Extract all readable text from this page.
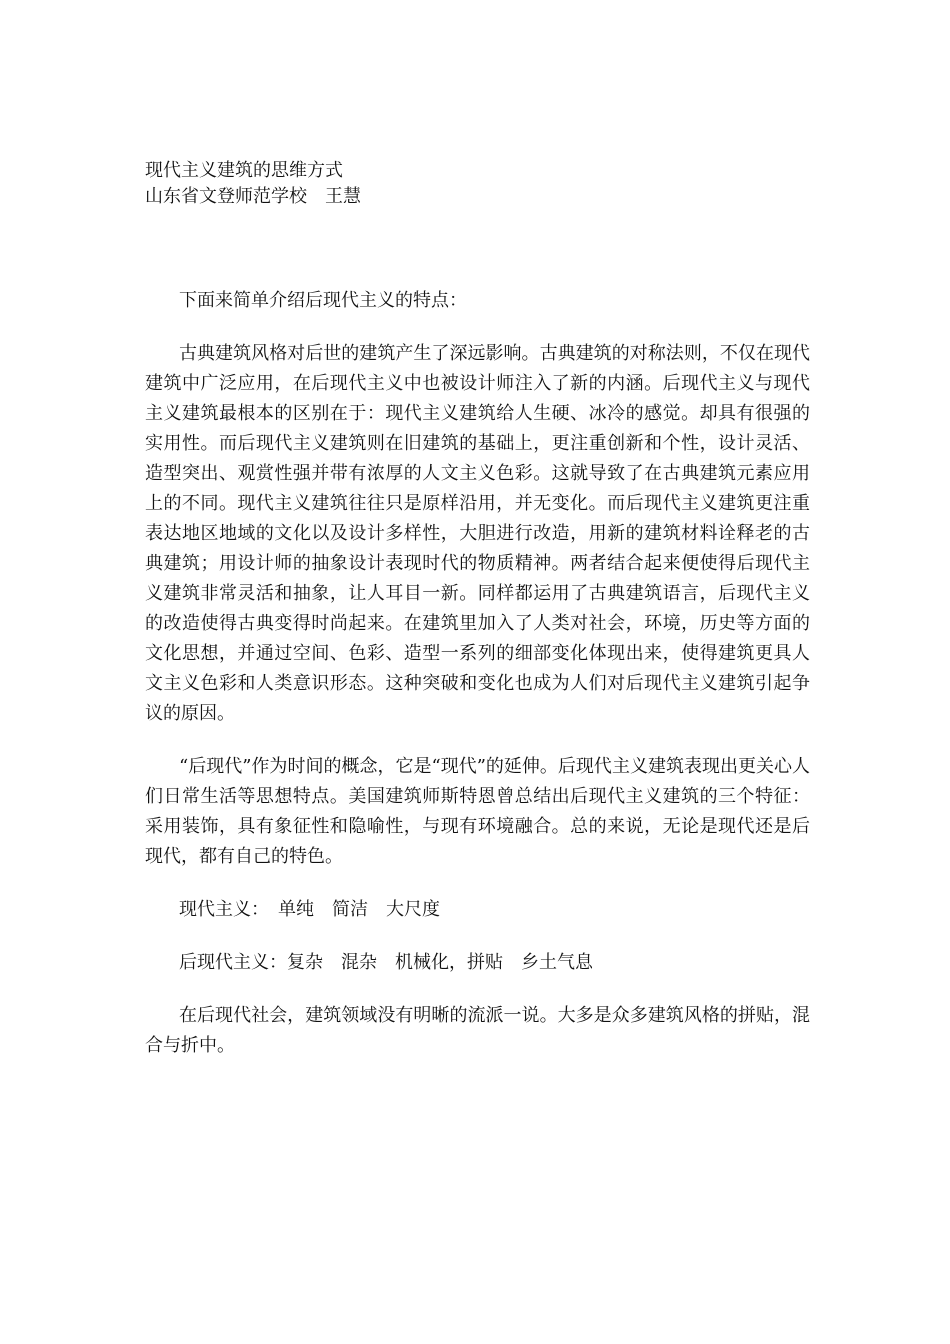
现代主义建筑的思维方式
山东省文登师范学校　王慧

下面来简单介绍后现代主义的特点：

古典建筑风格对后世的建筑产生了深远影响。古典建筑的对称法则，不仅在现代建筑中广泛应用，在后现代主义中也被设计师注入了新的内涵。后现代主义与现代主义建筑最根本的区别在于：现代主义建筑给人生硬、冰冷的感觉。却具有很强的实用性。而后现代主义建筑则在旧建筑的基础上，更注重创新和个性，设计灵活、造型突出、观赏性强并带有浓厚的人文主义色彩。这就导致了在古典建筑元素应用上的不同。现代主义建筑往往只是原样沿用，并无变化。而后现代主义建筑更注重表达地区地域的文化以及设计多样性，大胆进行改造，用新的建筑材料诠释老的古典建筑；用设计师的抽象设计表现时代的物质精神。两者结合起来便使得后现代主义建筑非常灵活和抽象，让人耳目一新。同样都运用了古典建筑语言，后现代主义的改造使得古典变得时尚起来。在建筑里加入了人类对社会，环境，历史等方面的文化思想，并通过空间、色彩、造型一系列的细部变化体现出来，使得建筑更具人文主义色彩和人类意识形态。这种突破和变化也成为人们对后现代主义建筑引起争议的原因。

“后现代”作为时间的概念，它是“现代”的延伸。后现代主义建筑表现出更关心人们日常生活等思想特点。美国建筑师斯特恩曾总结出后现代主义建筑的三个特征：采用装饰，具有象征性和隐喻性，与现有环境融合。总的来说，无论是现代还是后现代，都有自己的特色。

现代主义：　单纯　简洁　大尺度
后现代主义：复杂　混杂　机械化，拼贴　乡土气息

在后现代社会，建筑领域没有明晰的流派一说。大多是众多建筑风格的拼贴，混合与折中。
